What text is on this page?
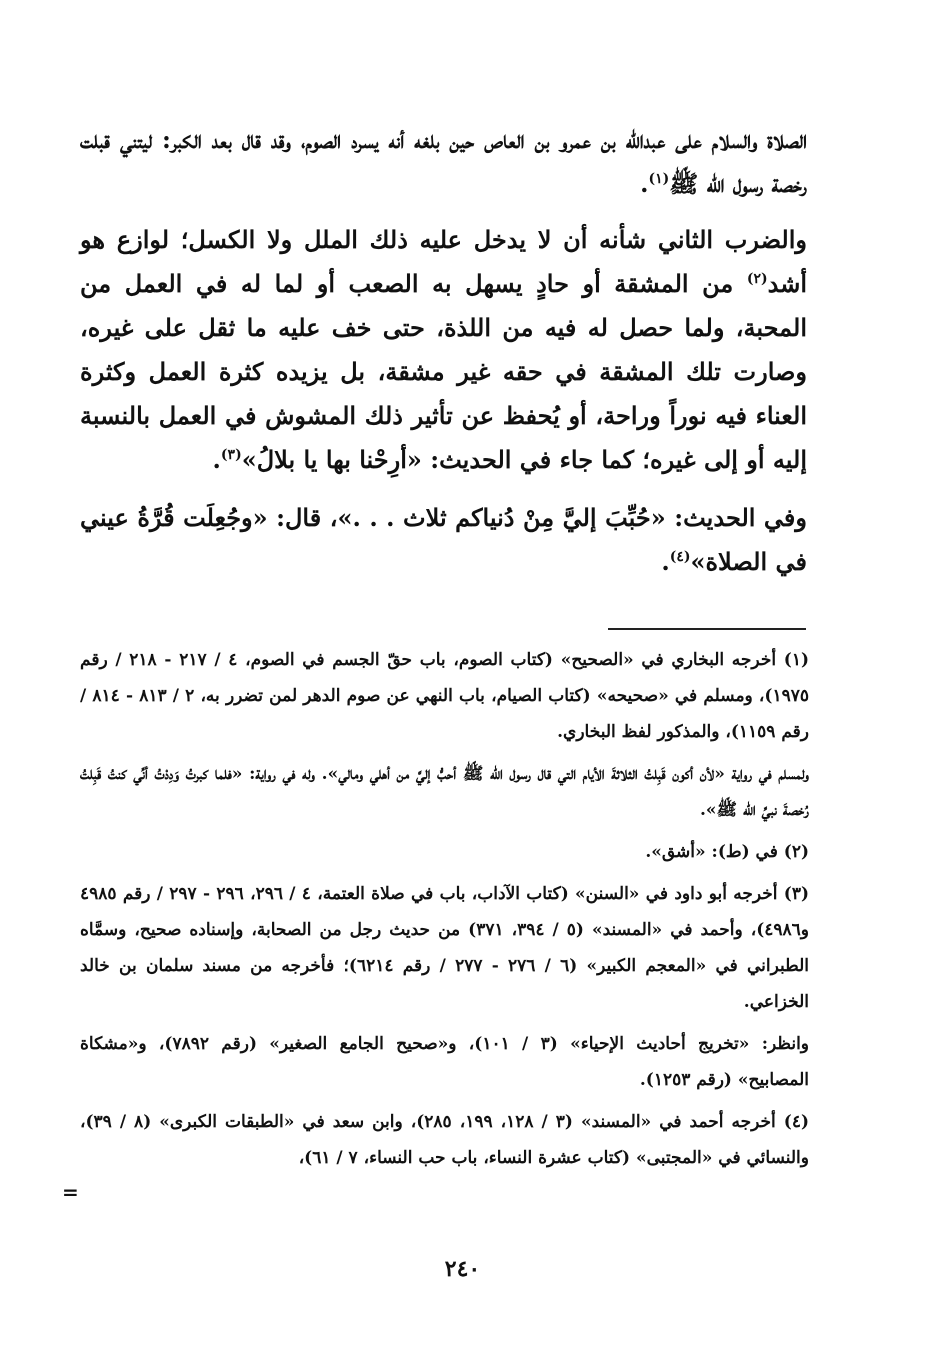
الصلاة والسلام على عبدالله بن عمرو بن العاص حين بلغه أنه يسرد الصوم، وقد قال بعد الكبر: ليتني قبلت رخصة رسول الله ﷺ$^{(١)}$.

والضرب الثاني شأنه أن لا يدخل عليه ذلك الملل ولا الكسل؛ لوازع هو أشد$^{(٢)}$ من المشقة أو حادٍ يسهل به الصعب أو لما له في العمل من المحبة، ولما حصل له فيه من اللذة، حتى خف عليه ما ثقل على غيره، وصارت تلك المشقة في حقه غير مشقة، بل يزيده كثرة العمل وكثرة العناء فيه نوراً وراحة، أو يُحفظ عن تأثير ذلك المشوش في العمل بالنسبة إليه أو إلى غيره؛ كما جاء في الحديث: «أرِحْنا بها يا بلالُ»$^{(٣)}$.

وفي الحديث: «حُبِّبَ إليَّ مِنْ دُنياكم ثلاث . . .»، قال: «وجُعِلَت قُرَّةُ عيني في الصلاة»$^{(٤)}$.

(١) أخرجه البخاري في «الصحيح» (كتاب الصوم، باب حقّ الجسم في الصوم، ٤ / ٢١٧ - ٢١٨ / رقم ١٩٧٥)، ومسلم في «صحيحه» (كتاب الصيام، باب النهي عن صوم الدهر لمن تضرر به، ٢ / ٨١٣ - ٨١٤ / رقم ١١٥٩)، والمذكور لفظ البخاري.

ولمسلم في رواية «لأن أكون قَبِلتُ الثلاثةَ الأيام التي قال رسول الله ﷺ أحبُّ إليَّ من أهلي ومالي». وله في رواية: «فلما كبرتُ وَدِدْتُ أنِّي كنتُ قَبِلتُ رُخصةَ نبيِّ الله ﷺ».

(٢) في (ط): «أشق».

(٣) أخرجه أبو داود في «السنن» (كتاب الآداب، باب في صلاة العتمة، ٤ / ٢٩٦، ٢٩٦ - ٢٩٧ / رقم ٤٩٨٥ و٤٩٨٦)، وأحمد في «المسند» (٥ / ٣٩٤، ٣٧١) من حديث رجل من الصحابة، وإسناده صحيح، وسمَّاه الطبراني في «المعجم الكبير» (٦ / ٢٧٦ - ٢٧٧ / رقم ٦٢١٤)؛ فأخرجه من مسند سلمان بن خالد الخزاعي.

وانظر: «تخريج أحاديث الإحياء» (٣ / ١٠١)، و«صحيح الجامع الصغير» (رقم ٧٨٩٢)، و«مشكاة المصابيح» (رقم ١٢٥٣).

(٤) أخرجه أحمد في «المسند» (٣ / ١٢٨، ١٩٩، ٢٨٥)، وابن سعد في «الطبقات الكبرى» (٨ / ٣٩)، والنسائي في «المجتبى» (كتاب عشرة النساء، باب حب النساء، ٧ / ٦١)،

=
٢٤٠
